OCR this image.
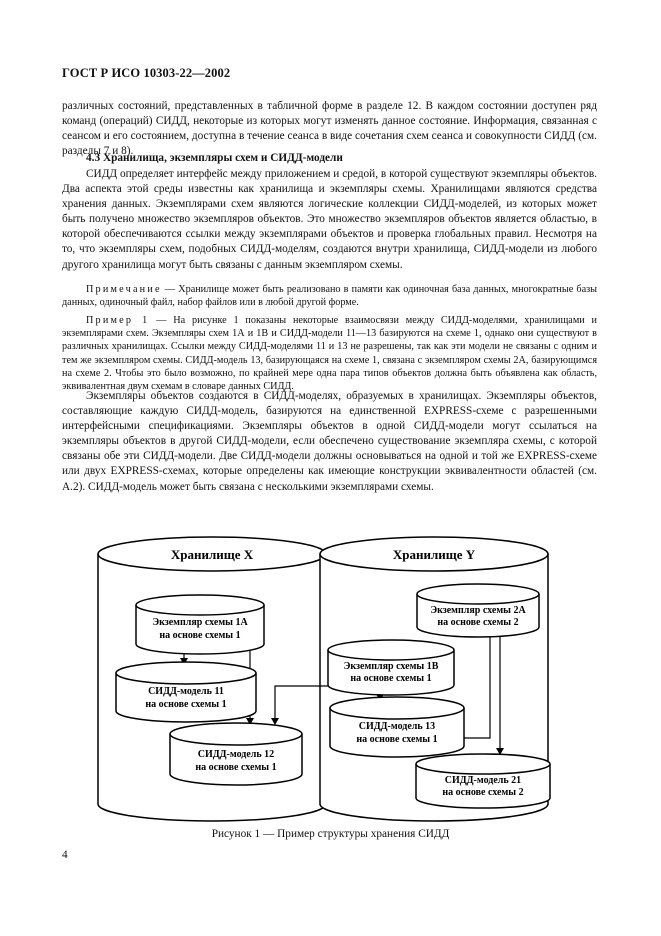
ГОСТ Р ИСО 10303-22—2002

различных состояний, представленных в табличной форме в разделе 12. В каждом состоянии доступен ряд команд (операций) СИДД, некоторые из которых могут изменять данное состояние. Информация, связанная с сеансом и его состоянием, доступна в течение сеанса в виде сочетания схем сеанса и совокупности СИДД (см. разделы 7 и 8).

4.3 Хранилища, экземпляры схем и СИДД-модели

СИДД определяет интерфейс между приложением и средой, в которой существуют экземпляры объектов. Два аспекта этой среды известны как хранилища и экземпляры схемы. Хранилищами являются средства хранения данных. Экземплярами схем являются логические коллекции СИДД-моделей, из которых может быть получено множество экземпляров объектов. Это множество экземпляров объектов является областью, в которой обеспечиваются ссылки между экземплярами объектов и проверка глобальных правил. Несмотря на то, что экземпляры схем, подобных СИДД-моделям, создаются внутри хранилища, СИДД-модели из любого другого хранилища могут быть связаны с данным экземпляром схемы.

Примечание — Хранилище может быть реализовано в памяти как одиночная база данных, многократные базы данных, одиночный файл, набор файлов или в любой другой форме.

Пример 1 — На рисунке 1 показаны некоторые взаимосвязи между СИДД-моделями, хранилищами и экземплярами схем. Экземпляры схем 1А и 1В и СИДД-модели 11—13 базируются на схеме 1, однако они существуют в различных хранилищах. Ссылки между СИДД-моделями 11 и 13 не разрешены, так как эти модели не связаны с одним и тем же экземпляром схемы. СИДД-модель 13, базирующаяся на схеме 1, связана с экземпляром схемы 2А, базирующимся на схеме 2. Чтобы это было возможно, по крайней мере одна пара типов объектов должна быть объявлена как область, эквивалентная двум схемам в словаре данных СИДД.

Экземпляры объектов создаются в СИДД-моделях, образуемых в хранилищах. Экземпляры объектов, составляющие каждую СИДД-модель, базируются на единственной EXPRESS-схеме с разрешенными интерфейсными спецификациями. Экземпляры объектов в одной СИДД-модели могут ссылаться на экземпляры объектов в другой СИДД-модели, если обеспечено существование экземпляра схемы, с которой связаны обе эти СИДД-модели. Две СИДД-модели должны основываться на одной и той же EXPRESS-схеме или двух EXPRESS-схемах, которые определены как имеющие конструкции эквивалентности областей (см. А.2). СИДД-модель может быть связана с несколькими экземплярами схемы.

Хранилище X	Хранилище Y
Экземпляр схемы 1А
на основе схемы 1
СИДД-модель 11
на основе схемы 1
СИДД-модель 12
на основе схемы 1
Экземпляр схемы 1В
на основе схемы 1
СИДД-модель 13
на основе схемы 1
Экземпляр схемы 2А
на основе схемы 2
СИДД-модель 21
на основе схемы 2
Рисунок 1 — Пример структуры хранения СИДД
4
